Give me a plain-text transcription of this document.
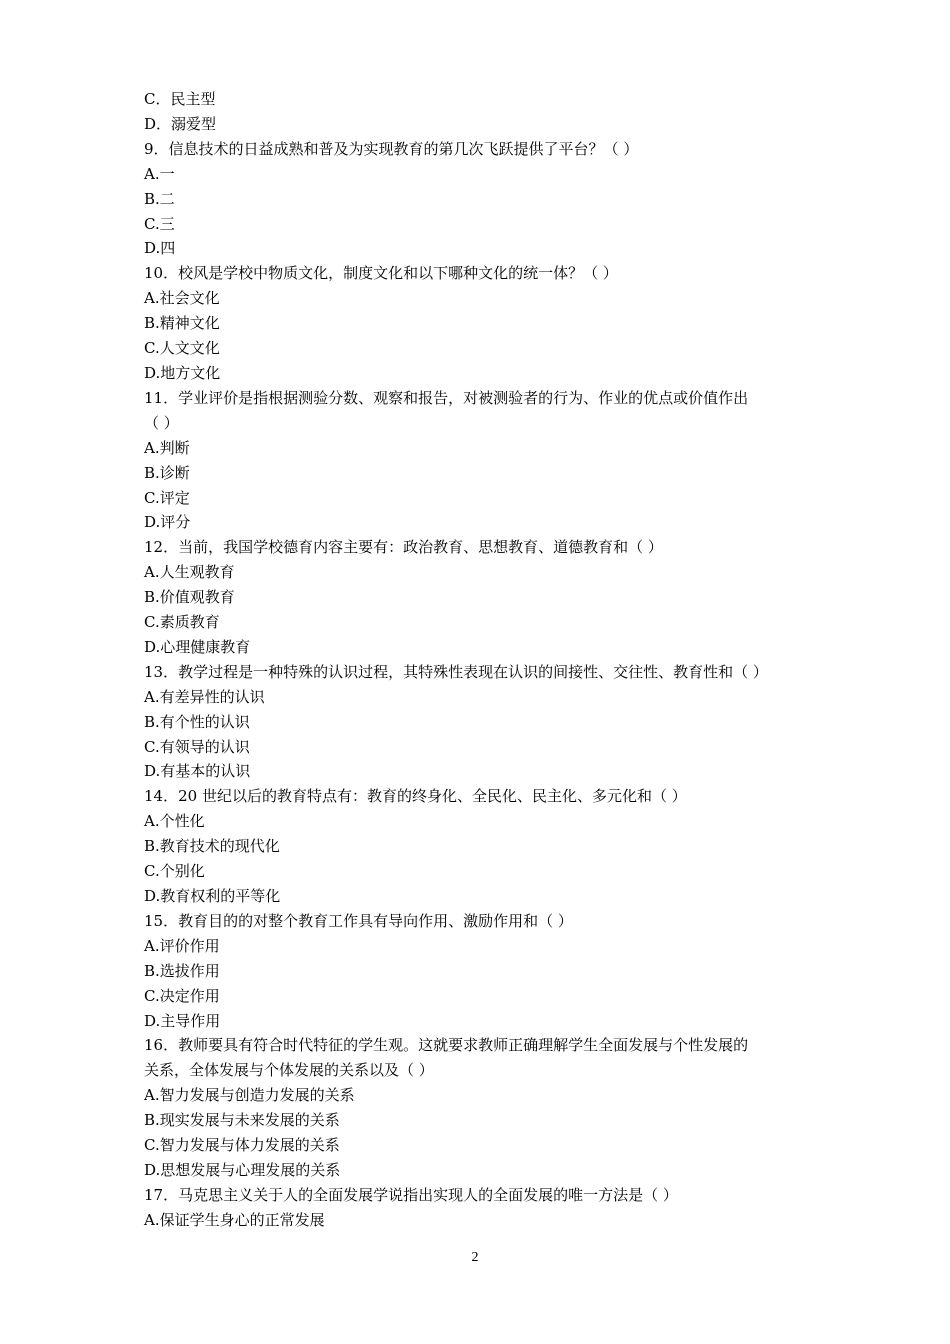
C．民主型
D．溺爱型
9．信息技术的日益成熟和普及为实现教育的第几次飞跃提供了平台？（ ）
A.一
B.二
C.三
D.四
10．校风是学校中物质文化，制度文化和以下哪种文化的统一体？（ ）
A.社会文化
B.精神文化
C.人文文化
D.地方文化
11．学业评价是指根据测验分数、观察和报告，对被测验者的行为、作业的优点或价值作出
（ ）
A.判断
B.诊断
C.评定
D.评分
12．当前，我国学校德育内容主要有：政治教育、思想教育、道德教育和（ ）
A.人生观教育
B.价值观教育
C.素质教育
D.心理健康教育
13．教学过程是一种特殊的认识过程，其特殊性表现在认识的间接性、交往性、教育性和（ ）
A.有差异性的认识
B.有个性的认识
C.有领导的认识
D.有基本的认识
14．20 世纪以后的教育特点有：教育的终身化、全民化、民主化、多元化和（ ）
A.个性化
B.教育技术的现代化
C.个别化
D.教育权利的平等化
15．教育目的的对整个教育工作具有导向作用、激励作用和（ ）
A.评价作用
B.选拔作用
C.决定作用
D.主导作用
16．教师要具有符合时代特征的学生观。这就要求教师正确理解学生全面发展与个性发展的
关系，全体发展与个体发展的关系以及（ ）
A.智力发展与创造力发展的关系
B.现实发展与未来发展的关系
C.智力发展与体力发展的关系
D.思想发展与心理发展的关系
17．马克思主义关于人的全面发展学说指出实现人的全面发展的唯一方法是（ ）
A.保证学生身心的正常发展
2
